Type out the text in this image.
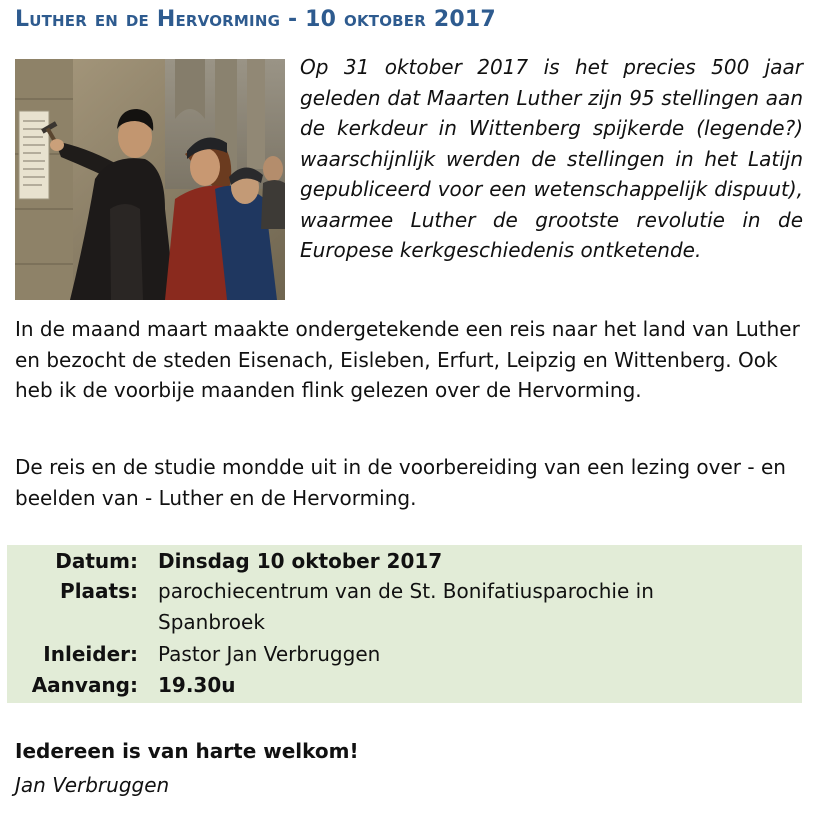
Luther en de Hervorming - 10 oktober 2017

Op 31 oktober 2017 is het precies 500 jaar geleden dat Maarten Luther zijn 95 stellingen aan de kerkdeur in Wittenberg spijkerde (legende?) waarschijnlijk werden de stellingen in het Latijn gepubliceerd voor een wetenschappelijk dispuut), waarmee Luther de grootste revolutie in de Europese kerkgeschiedenis ontketende.

In de maand maart maakte ondergetekende een reis naar het land van Luther en bezocht de steden Eisenach, Eisleben, Erfurt, Leipzig en Wittenberg. Ook heb ik de voorbije maanden flink gelezen over de Hervorming.

De reis en de studie mondde uit in de voorbereiding van een lezing over - en beelden van - Luther en de Hervorming.

Datum: Dinsdag 10 oktober 2017
Plaats: parochiecentrum van de St. Bonifatiusparochie in
Spanbroek
Inleider: Pastor Jan Verbruggen
Aanvang: 19.30u

Iedereen is van harte welkom!

Jan Verbruggen
